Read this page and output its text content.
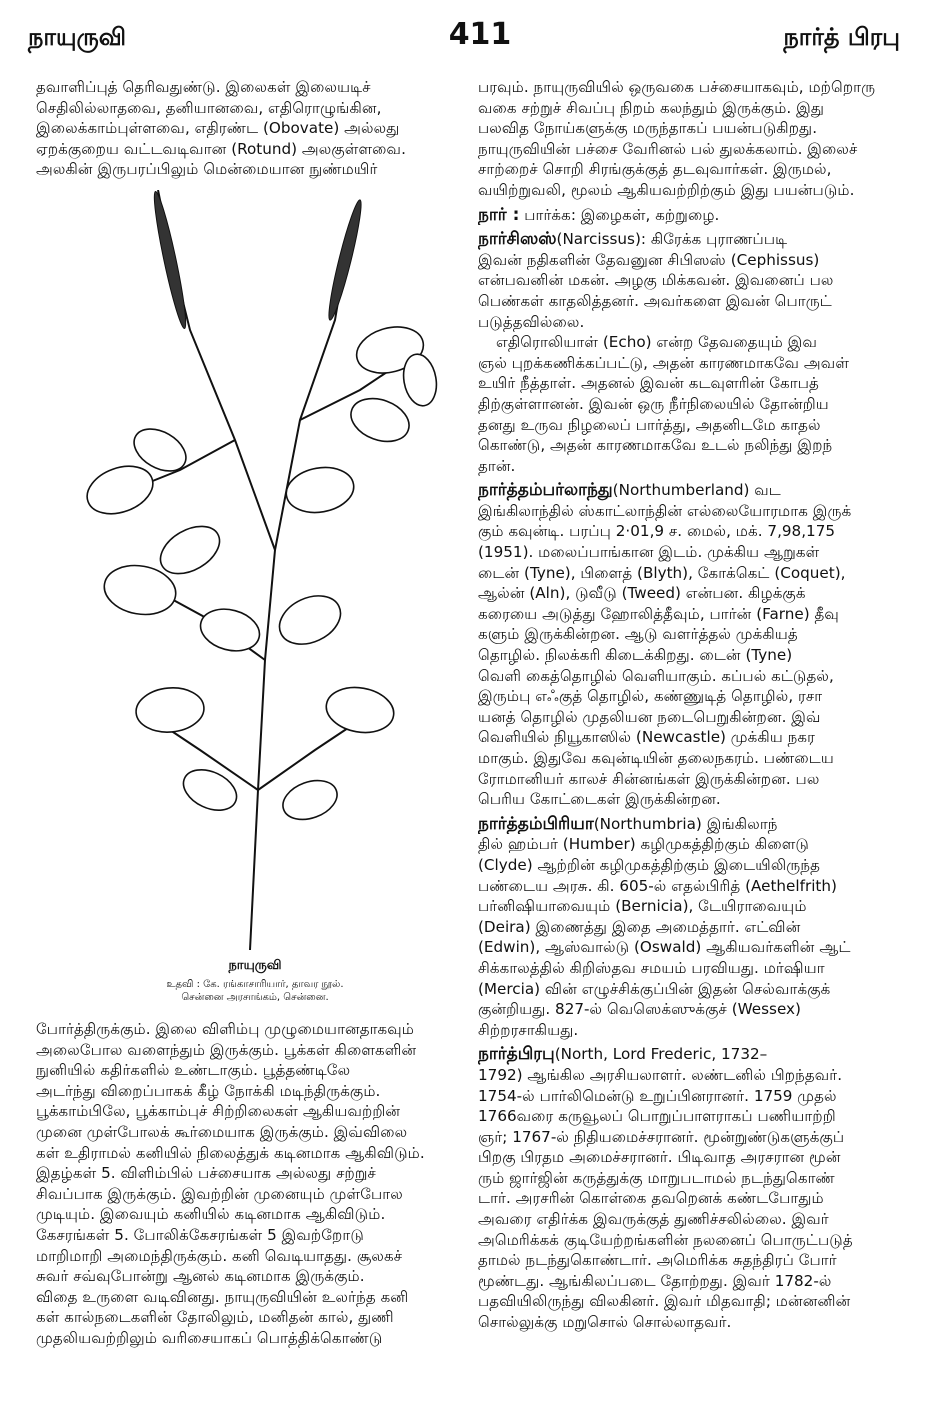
நாயுருவி	411	நார்த் பிரபு
தவாளிப்புத் தெரிவதுண்டு. இலைகள் இலையடிச்
செதிலில்லாதவை, தனியானவை, எதிரொழுங்கின,
இலைக்காம்புள்ளவை, எதிரண்ட (Obovate) அல்லது
ஏறக்குறைய வட்டவடிவான (Rotund) அலகுள்ளவை.
அலகின் இருபரப்பிலும் மென்மையான நுண்மயிர்
நாயுருவி
உதவி : கே. ரங்காசாரியார், தாவர நூல்.
சென்னை அரசாங்கம், சென்னை.
போர்த்திருக்கும். இலை விளிம்பு முழுமையானதாகவும்
அலைபோல வளைந்தும் இருக்கும். பூக்கள் கிளைகளின்
நுனியில் கதிர்களில் உண்டாகும். பூத்தண்டிலே
அடர்ந்து விறைப்பாகக் கீழ் நோக்கி மடிந்திருக்கும்.
பூக்காம்பிலே, பூக்காம்புச் சிற்றிலைகள் ஆகியவற்றின்
முனை முள்போலக் கூர்மையாக இருக்கும். இவ்விலை
கள் உதிராமல் கனியில் நிலைத்துக் கடினமாக ஆகிவிடும்.
இதழ்கள் 5. விளிம்பில் பச்சையாக அல்லது சற்றுச்
சிவப்பாக இருக்கும். இவற்றின் முனையும் முள்போல
முடியும். இவையும் கனியில் கடினமாக ஆகிவிடும்.
கேசரங்கள் 5. போலிக்கேசரங்கள் 5 இவற்றோடு
மாறிமாறி அமைந்திருக்கும். கனி வெடியாதது. சூலகச்
சுவர் சவ்வுபோன்று ஆனல் கடினமாக இருக்கும்.
விதை உருளை வடிவினது. நாயுருவியின் உலர்ந்த கனி
கள் கால்நடைகளின் தோலிலும், மனிதன் கால், துணி
முதலியவற்றிலும் வரிசையாகப் பொத்திக்கொண்டு
பரவும். நாயுருவியில் ஒருவகை பச்சையாகவும், மற்றொரு
வகை சற்றுச் சிவப்பு நிறம் கலந்தும் இருக்கும். இது
பலவித நோய்களுக்கு மருந்தாகப் பயன்படுகிறது.
நாயுருவியின் பச்சை வேரினல் பல் துலக்கலாம். இலைச்
சாற்றைச் சொறி சிரங்குக்குத் தடவுவார்கள். இருமல்,
வயிற்றுவலி, மூலம் ஆகியவற்றிற்கும் இது பயன்படும்.
நார் : பார்க்க: இழைகள், கற்றுழை.
நார்சிஸஸ்(Narcissus): கிரேக்க புராணப்படி
இவன் நதிகளின் தேவனுன சிபிஸஸ் (Cephissus)
என்பவனின் மகன். அழகு மிக்கவன். இவனைப் பல
பெண்கள் காதலித்தனர். அவர்களை இவன் பொருட்
படுத்தவில்லை.
எதிரொலியாள் (Echo) என்ற தேவதையும் இவ
ஞல் புறக்கணிக்கப்பட்டு, அதன் காரணமாகவே அவள்
உயிர் நீத்தாள். அதனல் இவன் கடவுளரின் கோபத்
திற்குள்ளானன். இவன் ஒரு நீர்நிலையில் தோன்றிய
தனது உருவ நிழலைப் பார்த்து, அதனிடமே காதல்
கொண்டு, அதன் காரணமாகவே உடல் நலிந்து இறந்
தான்.
நார்த்தம்பர்லாந்து(Northumberland) வட
இங்கிலாந்தில் ஸ்காட்லாந்தின் எல்லையோரமாக இருக்
கும் கவுன்டி. பரப்பு 2·01,9 ச. மைல், மக். 7,98,175
(1951). மலைப்பாங்கான இடம். முக்கிய ஆறுகள்
டைன் (Tyne), பிளைத் (Blyth), கோக்கெட் (Coquet),
ஆல்ன் (Aln), டுவீடு (Tweed) என்பன. கிழக்குக்
கரையை அடுத்து ஹோலித்தீவும், பார்ன் (Farne) தீவு
களும் இருக்கின்றன. ஆடு வளர்த்தல் முக்கியத்
தொழில். நிலக்கரி கிடைக்கிறது. டைன் (Tyne)
வெளி கைத்தொழில் வெளியாகும். கப்பல் கட்டுதல்,
இரும்பு எஃகுத் தொழில், கண்ணுடித் தொழில், ரசா
யனத் தொழில் முதலியன நடைபெறுகின்றன. இவ்
வெளியில் நியூகாஸில் (Newcastle) முக்கிய நகர
மாகும். இதுவே கவுன்டியின் தலைநகரம். பண்டைய
ரோமானியர் காலச் சின்னங்கள் இருக்கின்றன. பல
பெரிய கோட்டைகள் இருக்கின்றன.
நார்த்தம்பிரியா(Northumbria) இங்கிலாந்
தில் ஹம்பர் (Humber) கழிமுகத்திற்கும் கிளைடு
(Clyde) ஆற்றின் கழிமுகத்திற்கும் இடையிலிருந்த
பண்டைய அரசு. கி. 605-ல் எதல்பிரித் (Aethelfrith)
பர்னிஷியாவையும் (Bernicia), டேயிராவையும்
(Deira) இணைத்து இதை அமைத்தார். எட்வின்
(Edwin), ஆஸ்வால்டு (Oswald) ஆகியவர்களின் ஆட்
சிக்காலத்தில் கிறிஸ்தவ சமயம் பரவியது. மர்ஷியா
(Mercia) வின் எழுச்சிக்குப்பின் இதன் செல்வாக்குக்
குன்றியது. 827-ல் வெஸெக்ஸுக்குச் (Wessex)
சிற்றரசாகியது.
நார்த்பிரபு(North, Lord Frederic, 1732–
1792) ஆங்கில அரசியலாளர். லண்டனில் பிறந்தவர்.
1754-ல் பார்லிமென்டு உறுப்பினரானர். 1759 முதல்
1766வரை கருவூலப் பொறுப்பாளராகப் பணியாற்றி
ஞர்; 1767-ல் நிதியமைச்சரானர். மூன்றுண்டுகளுக்குப்
பிறகு பிரதம அமைச்சரானர். பிடிவாத அரசரான மூன்
ரும் ஜார்ஜின் கருத்துக்கு மாறுபடாமல் நடந்துகொண்
டார். அரசரின் கொள்கை தவறெனக் கண்டபோதும்
அவரை எதிர்க்க இவருக்குத் துணிச்சலில்லை. இவர்
அமெரிக்கக் குடியேற்றங்களின் நலனைப் பொருட்படுத்
தாமல் நடந்துகொண்டார். அமெரிக்க சுதந்திரப் போர்
மூண்டது. ஆங்கிலப்படை தோற்றது. இவர் 1782-ல்
பதவியிலிருந்து விலகினர். இவர் மிதவாதி; மன்னனின்
சொல்லுக்கு மறுசொல் சொல்லாதவர்.
